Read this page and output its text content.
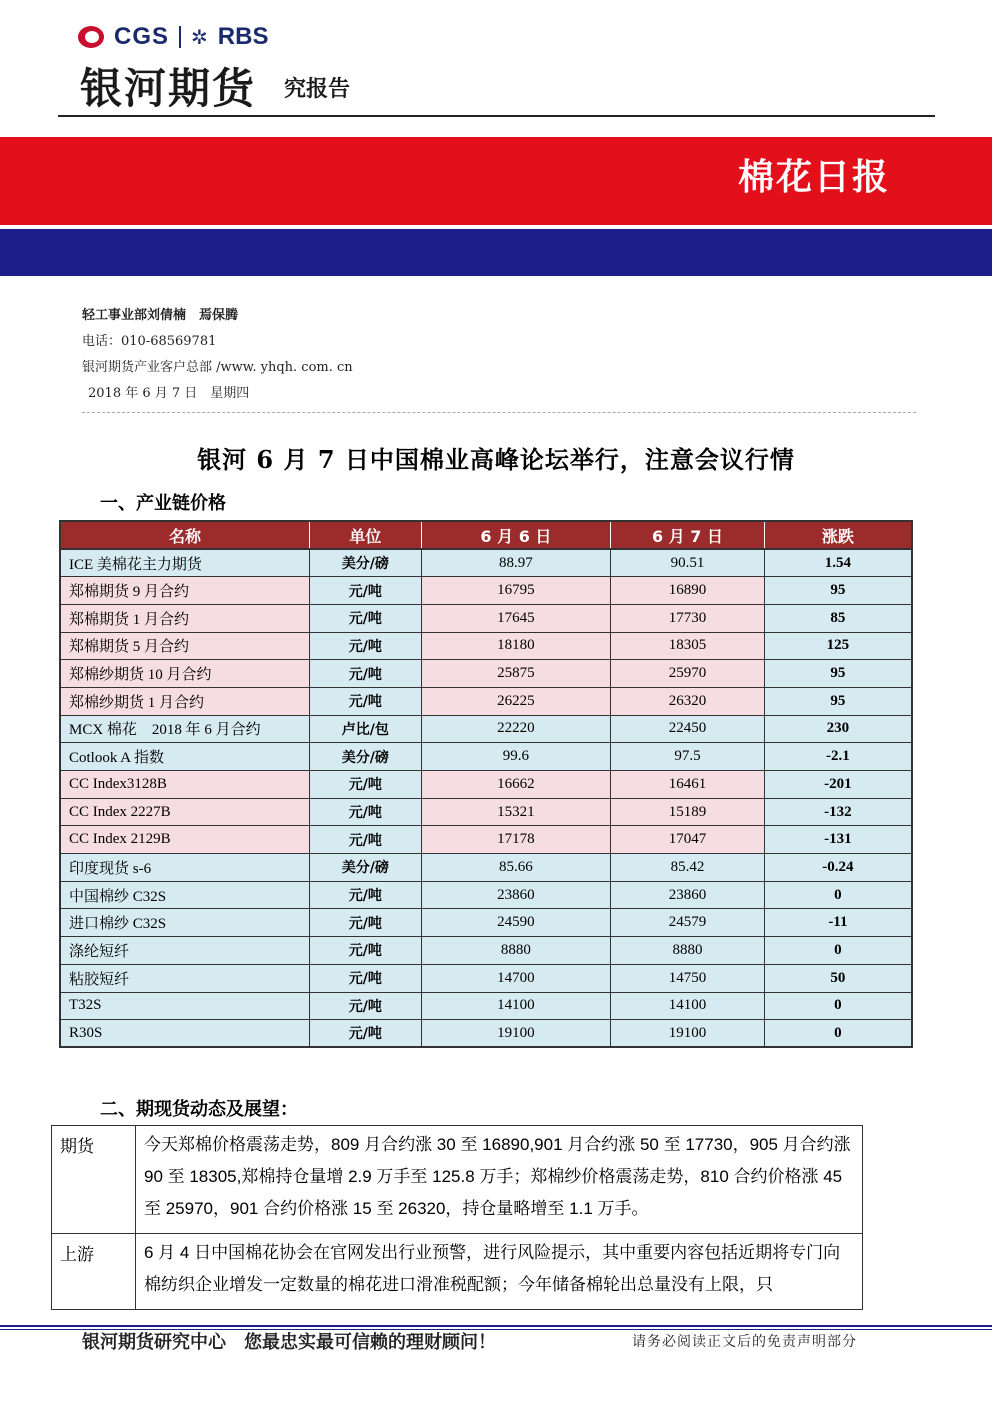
CGS ✲ RBS
银河期货 究报告
棉花日报
轻工事业部刘倩楠　焉保腾
电话：010-68569781
银河期货产业客户总部 /www. yhqh. com. cn
2018 年 6 月 7 日　星期四
银河 6 月 7 日中国棉业高峰论坛举行，注意会议行情
一、产业链价格
名称	单位	6 月 6 日	6 月 7 日	涨跌
ICE 美棉花主力期货	美分/磅	88.97	90.51	1.54
郑棉期货 9 月合约	元/吨	16795	16890	95
郑棉期货 1 月合约	元/吨	17645	17730	85
郑棉期货 5 月合约	元/吨	18180	18305	125
郑棉纱期货 10 月合约	元/吨	25875	25970	95
郑棉纱期货 1 月合约	元/吨	26225	26320	95
MCX 棉花　2018 年 6 月合约	卢比/包	22220	22450	230
Cotlook A 指数	美分/磅	99.6	97.5	-2.1
CC Index3128B	元/吨	16662	16461	-201
CC Index 2227B	元/吨	15321	15189	-132
CC Index 2129B	元/吨	17178	17047	-131
印度现货 s-6	美分/磅	85.66	85.42	-0.24
中国棉纱 C32S	元/吨	23860	23860	0
进口棉纱 C32S	元/吨	24590	24579	-11
涤纶短纤	元/吨	8880	8880	0
粘胶短纤	元/吨	14700	14750	50
T32S	元/吨	14100	14100	0
R30S	元/吨	19100	19100	0
二、期现货动态及展望：
期货	今天郑棉价格震荡走势，809 月合约涨 30 至 16890,901 月合约涨 50 至 17730，905 月合约涨 90 至 18305,郑棉持仓量增 2.9 万手至 125.8 万手；郑棉纱价格震荡走势，810 合约价格涨 45 至 25970，901 合约价格涨 15 至 26320，持仓量略增至 1.1 万手。
上游	6 月 4 日中国棉花协会在官网发出行业预警，进行风险提示，其中重要内容包括近期将专门向棉纺织企业增发一定数量的棉花进口滑准税配额；今年储备棉轮出总量没有上限，只
银河期货研究中心　您最忠实最可信赖的理财顾问！	请务必阅读正文后的免责声明部分
